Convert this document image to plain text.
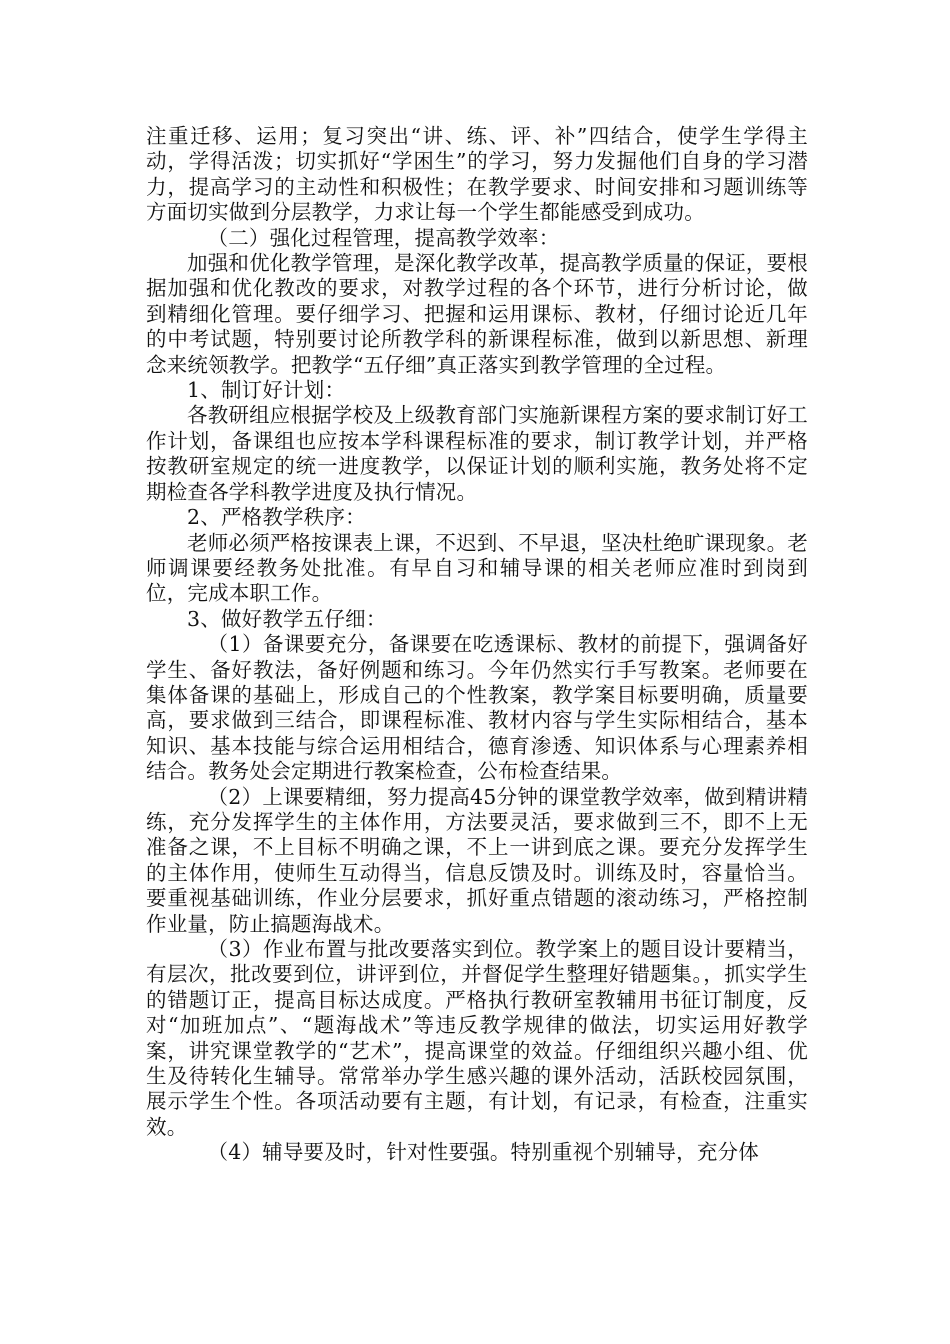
注重迁移、运用；复习突出“讲、练、评、补”四结合，使学生学得主动，学得活泼；切实抓好“学困生”的学习，努力发掘他们自身的学习潜力，提高学习的主动性和积极性；在教学要求、时间安排和习题训练等方面切实做到分层教学，力求让每一个学生都能感受到成功。

（二）强化过程管理，提高教学效率：

加强和优化教学管理，是深化教学改革，提高教学质量的保证，要根据加强和优化教改的要求，对教学过程的各个环节，进行分析讨论，做到精细化管理。要仔细学习、把握和运用课标、教材，仔细讨论近几年的中考试题，特别要讨论所教学科的新课程标准，做到以新思想、新理念来统领教学。把教学“五仔细”真正落实到教学管理的全过程。

1、制订好计划：

各教研组应根据学校及上级教育部门实施新课程方案的要求制订好工作计划，备课组也应按本学科课程标准的要求，制订教学计划，并严格按教研室规定的统一进度教学，以保证计划的顺利实施，教务处将不定期检查各学科教学进度及执行情况。

2、严格教学秩序：

老师必须严格按课表上课，不迟到、不早退，坚决杜绝旷课现象。老师调课要经教务处批准。有早自习和辅导课的相关老师应准时到岗到位，完成本职工作。

3、做好教学五仔细：

（1）备课要充分，备课要在吃透课标、教材的前提下，强调备好学生、备好教法，备好例题和练习。今年仍然实行手写教案。老师要在集体备课的基础上，形成自己的个性教案，教学案目标要明确，质量要高，要求做到三结合，即课程标准、教材内容与学生实际相结合，基本知识、基本技能与综合运用相结合，德育渗透、知识体系与心理素养相结合。教务处会定期进行教案检查，公布检查结果。

（2）上课要精细，努力提高45分钟的课堂教学效率，做到精讲精练，充分发挥学生的主体作用，方法要灵活，要求做到三不，即不上无准备之课，不上目标不明确之课，不上一讲到底之课。要充分发挥学生的主体作用，使师生互动得当，信息反馈及时。训练及时，容量恰当。要重视基础训练，作业分层要求，抓好重点错题的滚动练习，严格控制作业量，防止搞题海战术。

（3）作业布置与批改要落实到位。教学案上的题目设计要精当，有层次，批改要到位，讲评到位，并督促学生整理好错题集。，抓实学生的错题订正，提高目标达成度。严格执行教研室教辅用书征订制度，反对“加班加点”、“题海战术”等违反教学规律的做法，切实运用好教学案，讲究课堂教学的“艺术”，提高课堂的效益。仔细组织兴趣小组、优生及待转化生辅导。常常举办学生感兴趣的课外活动，活跃校园氛围，展示学生个性。各项活动要有主题，有计划，有记录，有检查，注重实效。

（4）辅导要及时，针对性要强。特别重视个别辅导，充分体
